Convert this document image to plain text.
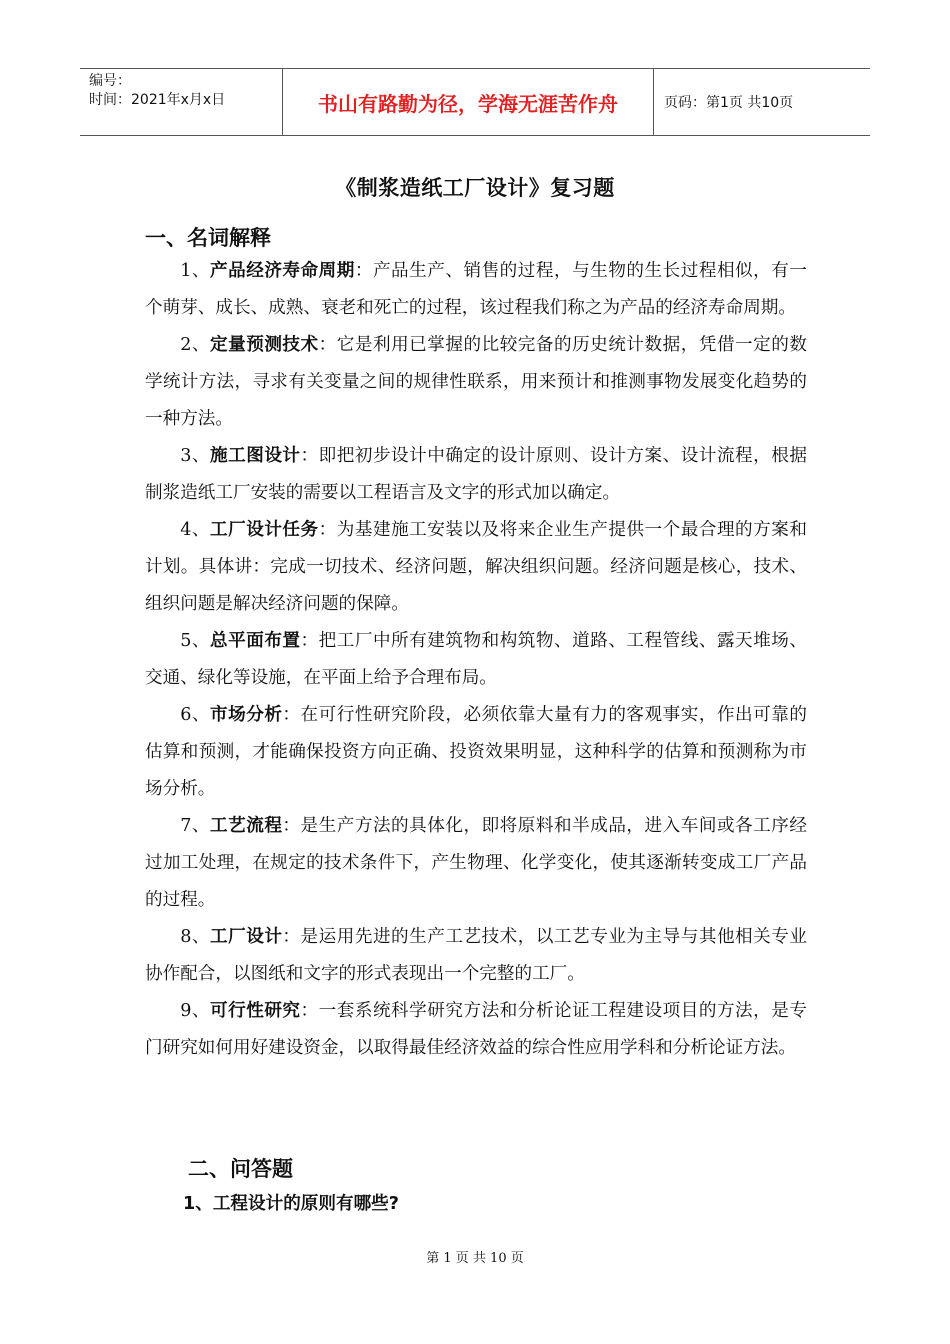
编号：
时间：2021年x月x日	书山有路勤为径，学海无涯苦作舟	页码：第1页 共10页
《制浆造纸工厂设计》复习题
一、名词解释

1、产品经济寿命周期：产品生产、销售的过程，与生物的生长过程相似，有一个萌芽、成长、成熟、衰老和死亡的过程，该过程我们称之为产品的经济寿命周期。

2、定量预测技术：它是利用已掌握的比较完备的历史统计数据，凭借一定的数学统计方法，寻求有关变量之间的规律性联系，用来预计和推测事物发展变化趋势的一种方法。

3、施工图设计：即把初步设计中确定的设计原则、设计方案、设计流程，根据制浆造纸工厂安装的需要以工程语言及文字的形式加以确定。

4、工厂设计任务：为基建施工安装以及将来企业生产提供一个最合理的方案和计划。具体讲：完成一切技术、经济问题，解决组织问题。经济问题是核心，技术、组织问题是解决经济问题的保障。

5、总平面布置：把工厂中所有建筑物和构筑物、道路、工程管线、露天堆场、交通、绿化等设施，在平面上给予合理布局。

6、市场分析：在可行性研究阶段，必须依靠大量有力的客观事实，作出可靠的估算和预测，才能确保投资方向正确、投资效果明显，这种科学的估算和预测称为市场分析。

7、工艺流程：是生产方法的具体化，即将原料和半成品，进入车间或各工序经过加工处理，在规定的技术条件下，产生物理、化学变化，使其逐渐转变成工厂产品的过程。

8、工厂设计：是运用先进的生产工艺技术，以工艺专业为主导与其他相关专业协作配合，以图纸和文字的形式表现出一个完整的工厂。

9、可行性研究：一套系统科学研究方法和分析论证工程建设项目的方法，是专门研究如何用好建设资金，以取得最佳经济效益的综合性应用学科和分析论证方法。

二、问答题
1、工程设计的原则有哪些?
第 1 页 共 10 页
